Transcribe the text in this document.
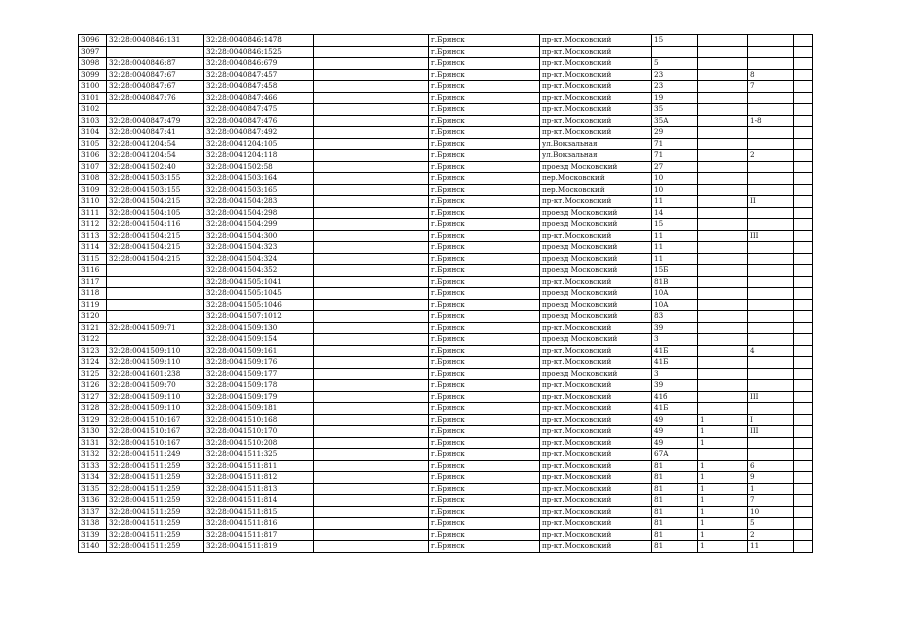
3096	32:28:0040846:131	32:28:0040846:1478		г.Брянск	пр-кт.Московский	15			
3097		32:28:0040846:1525		г.Брянск	пр-кт.Московский				
3098	32:28:0040846:87	32:28:0040846:679		г.Брянск	пр-кт.Московский	5			
3099	32:28:0040847:67	32:28:0040847:457		г.Брянск	пр-кт.Московский	23		8	
3100	32:28:0040847:67	32:28:0040847:458		г.Брянск	пр-кт.Московский	23		7	
3101	32:28:0040847:76	32:28:0040847:466		г.Брянск	пр-кт.Московский	19			
3102		32:28:0040847:475		г.Брянск	пр-кт.Московский	35			
3103	32:28:0040847:479	32:28:0040847:476		г.Брянск	пр-кт.Московский	35А		1-8	
3104	32:28:0040847:41	32:28:0040847:492		г.Брянск	пр-кт.Московский	29			
3105	32:28:0041204:54	32:28:0041204:105		г.Брянск	ул.Вокзальная	71			
3106	32:28:0041204:54	32:28:0041204:118		г.Брянск	ул.Вокзальная	71		2	
3107	32:28:0041502:40	32:28:0041502:58		г.Брянск	проезд Московский	27			
3108	32:28:0041503:155	32:28:0041503:164		г.Брянск	пер.Московский	10			
3109	32:28:0041503:155	32:28:0041503:165		г.Брянск	пер.Московский	10			
3110	32:28:0041504:215	32:28:0041504:283		г.Брянск	пр-кт.Московский	11		II	
3111	32:28:0041504:105	32:28:0041504:298		г.Брянск	проезд Московский	14			
3112	32:28:0041504:116	32:28:0041504:299		г.Брянск	проезд Московский	15			
3113	32:28:0041504:215	32:28:0041504:300		г.Брянск	пр-кт.Московский	11		III	
3114	32:28:0041504:215	32:28:0041504:323		г.Брянск	проезд Московский	11			
3115	32:28:0041504:215	32:28:0041504:324		г.Брянск	проезд Московский	11			
3116		32:28:0041504:352		г.Брянск	проезд Московский	15Б			
3117		32:28:0041505:1041		г.Брянск	пр-кт.Московский	81В			
3118		32:28:0041505:1045		г.Брянск	проезд Московский	10А			
3119		32:28:0041505:1046		г.Брянск	проезд Московский	10А			
3120		32:28:0041507:1012		г.Брянск	проезд Московский	83			
3121	32:28:0041509:71	32:28:0041509:130		г.Брянск	пр-кт.Московский	39			
3122		32:28:0041509:154		г.Брянск	проезд Московский	3			
3123	32:28:0041509:110	32:28:0041509:161		г.Брянск	пр-кт.Московский	41Б		4	
3124	32:28:0041509:110	32:28:0041509:176		г.Брянск	пр-кт.Московский	41Б			
3125	32:28:0041601:238	32:28:0041509:177		г.Брянск	проезд Московский	3			
3126	32:28:0041509:70	32:28:0041509:178		г.Брянск	пр-кт.Московский	39			
3127	32:28:0041509:110	32:28:0041509:179		г.Брянск	пр-кт.Московский	41б		III	
3128	32:28:0041509:110	32:28:0041509:181		г.Брянск	пр-кт.Московский	41Б			
3129	32:28:0041510:167	32:28:0041510:168		г.Брянск	пр-кт.Московский	49	1	I	
3130	32:28:0041510:167	32:28:0041510:170		г.Брянск	пр-кт.Московский	49	1	III	
3131	32:28:0041510:167	32:28:0041510:208		г.Брянск	пр-кт.Московский	49	1		
3132	32:28:0041511:249	32:28:0041511:325		г.Брянск	пр-кт.Московский	67А			
3133	32:28:0041511:259	32:28:0041511:811		г.Брянск	пр-кт.Московский	81	1	6	
3134	32:28:0041511:259	32:28:0041511:812		г.Брянск	пр-кт.Московский	81	1	9	
3135	32:28:0041511:259	32:28:0041511:813		г.Брянск	пр-кт.Московский	81	1	1	
3136	32:28:0041511:259	32:28:0041511:814		г.Брянск	пр-кт.Московский	81	1	7	
3137	32:28:0041511:259	32:28:0041511:815		г.Брянск	пр-кт.Московский	81	1	10	
3138	32:28:0041511:259	32:28:0041511:816		г.Брянск	пр-кт.Московский	81	1	5	
3139	32:28:0041511:259	32:28:0041511:817		г.Брянск	пр-кт.Московский	81	1	2	
3140	32:28:0041511:259	32:28:0041511:819		г.Брянск	пр-кт.Московский	81	1	11	
